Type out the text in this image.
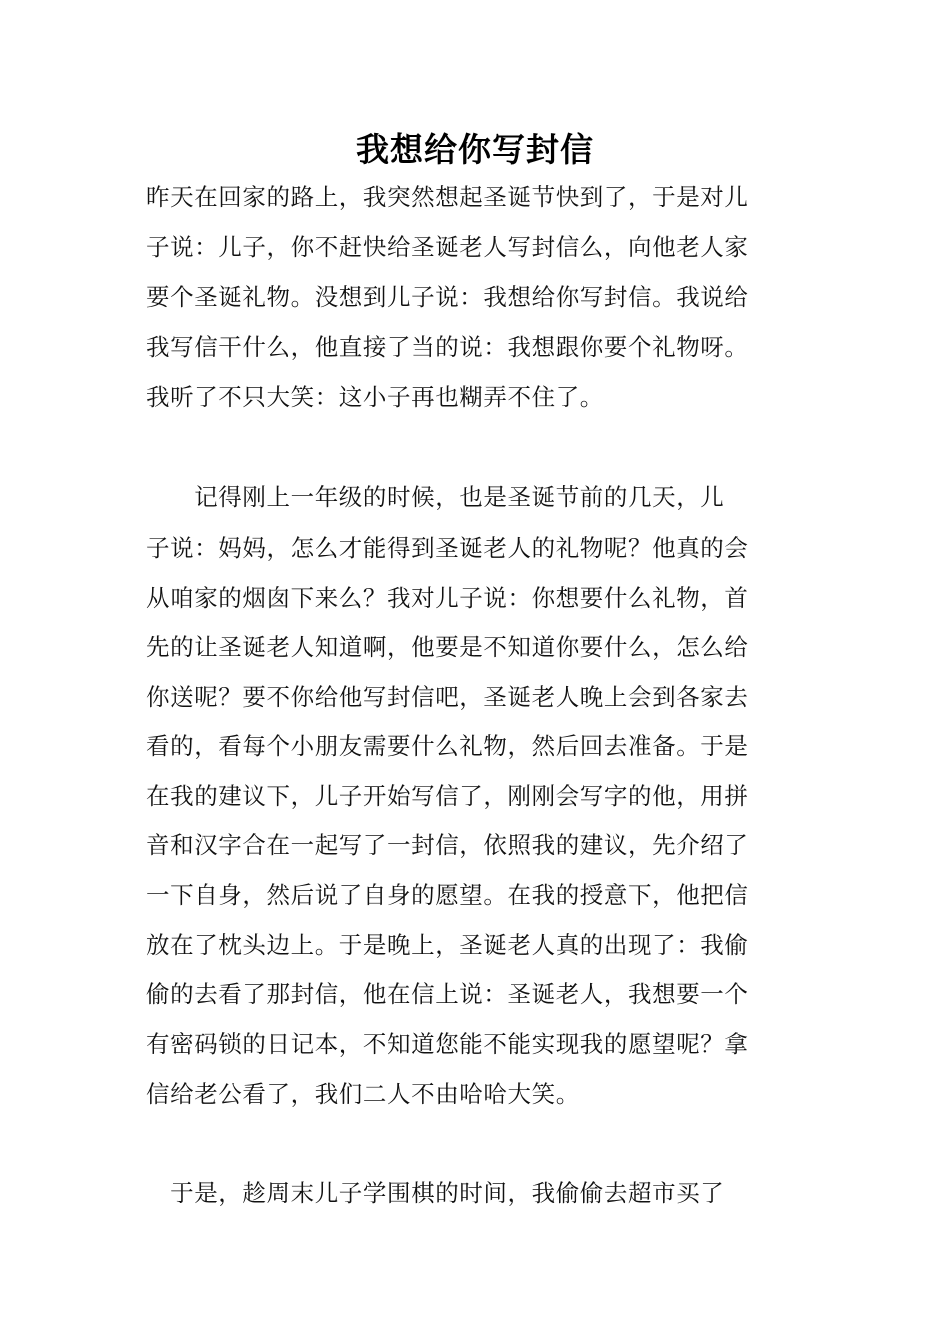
我想给你写封信
昨天在回家的路上，我突然想起圣诞节快到了，于是对儿
子说：儿子，你不赶快给圣诞老人写封信么，向他老人家
要个圣诞礼物。没想到儿子说：我想给你写封信。我说给
我写信干什么，他直接了当的说：我想跟你要个礼物呀。
我听了不只大笑：这小子再也糊弄不住了。
　　记得刚上一年级的时候，也是圣诞节前的几天，儿
子说：妈妈，怎么才能得到圣诞老人的礼物呢？他真的会
从咱家的烟囱下来么？我对儿子说：你想要什么礼物，首
先的让圣诞老人知道啊，他要是不知道你要什么，怎么给
你送呢？要不你给他写封信吧，圣诞老人晚上会到各家去
看的，看每个小朋友需要什么礼物，然后回去准备。于是
在我的建议下，儿子开始写信了，刚刚会写字的他，用拼
音和汉字合在一起写了一封信，依照我的建议，先介绍了
一下自身，然后说了自身的愿望。在我的授意下，他把信
放在了枕头边上。于是晚上，圣诞老人真的出现了：我偷
偷的去看了那封信，他在信上说：圣诞老人，我想要一个
有密码锁的日记本，不知道您能不能实现我的愿望呢？拿
信给老公看了，我们二人不由哈哈大笑。
　于是，趁周末儿子学围棋的时间，我偷偷去超市买了
